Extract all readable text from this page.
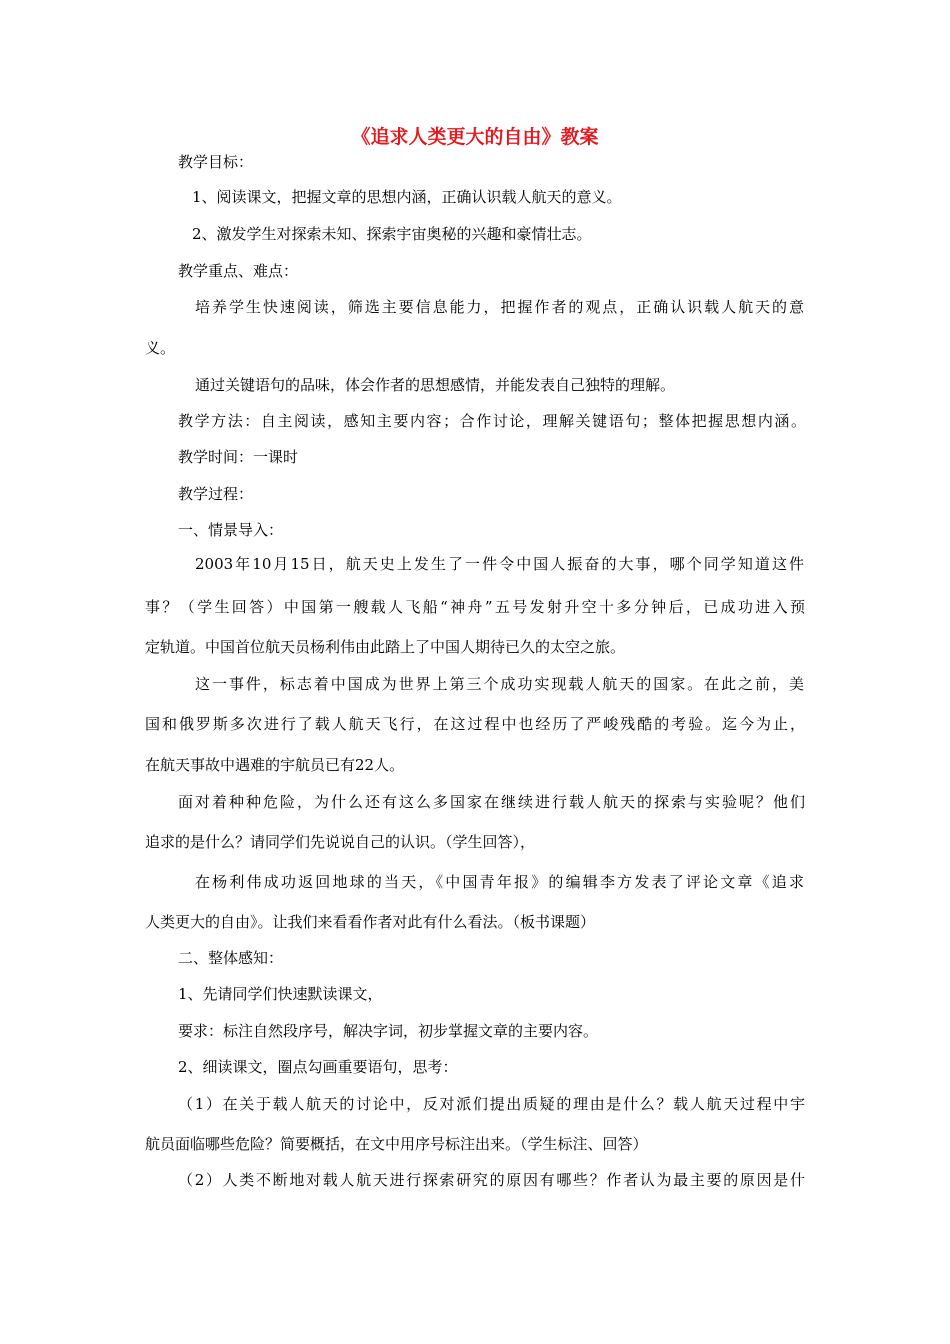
《追求人类更大的自由》教案
教学目标：
1、阅读课文，把握文章的思想内涵，正确认识载人航天的意义。
2、激发学生对探索未知、探索宇宙奥秘的兴趣和豪情壮志。
教学重点、难点：
培养学生快速阅读，筛选主要信息能力，把握作者的观点，正确认识载人航天的意
义。
通过关键语句的品味，体会作者的思想感情，并能发表自己独特的理解。
教学方法：自主阅读，感知主要内容；合作讨论，理解关键语句；整体把握思想内涵。
教学时间：一课时
教学过程：
一、情景导入：
2003年10月15日，航天史上发生了一件令中国人振奋的大事，哪个同学知道这件
事？（学生回答）中国第一艘载人飞船“神舟”五号发射升空十多分钟后，已成功进入预
定轨道。中国首位航天员杨利伟由此踏上了中国人期待已久的太空之旅。
这一事件，标志着中国成为世界上第三个成功实现载人航天的国家。在此之前，美
国和俄罗斯多次进行了载人航天飞行，在这过程中也经历了严峻残酷的考验。迄今为止，
在航天事故中遇难的宇航员已有22人。
面对着种种危险，为什么还有这么多国家在继续进行载人航天的探索与实验呢？他们
追求的是什么？请同学们先说说自己的认识。（学生回答），
在杨利伟成功返回地球的当天，《中国青年报》的编辑李方发表了评论文章《追求
人类更大的自由》。让我们来看看作者对此有什么看法。（板书课题）
二、整体感知：
1、先请同学们快速默读课文，
要求：标注自然段序号，解决字词，初步掌握文章的主要内容。
2、细读课文，圈点勾画重要语句，思考：
（1）在关于载人航天的讨论中，反对派们提出质疑的理由是什么？载人航天过程中宇
航员面临哪些危险？简要概括，在文中用序号标注出来。（学生标注、回答）
（2）人类不断地对载人航天进行探索研究的原因有哪些？作者认为最主要的原因是什
